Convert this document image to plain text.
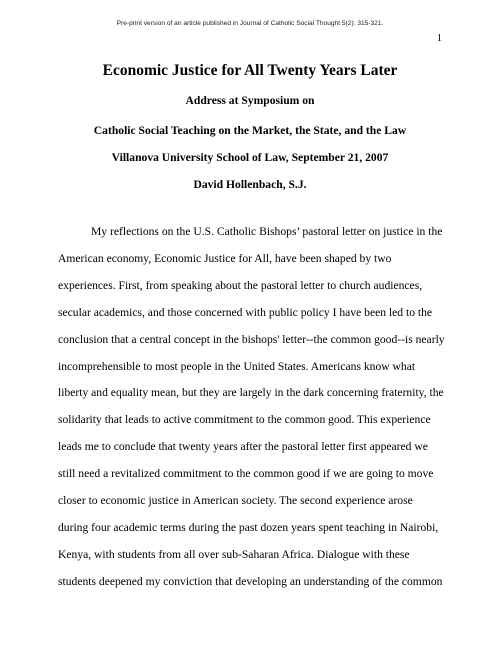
Pre-print version of an article published in Journal of Catholic Social Thought 5(2): 315-321.
1
Economic Justice for All Twenty Years Later
Address at Symposium on
Catholic Social Teaching on the Market, the State, and the Law
Villanova University School of Law, September 21, 2007
David Hollenbach, S.J.
My reflections on the U.S. Catholic Bishops’ pastoral letter on justice in the
American economy, Economic Justice for All, have been shaped by two
experiences. First, from speaking about the pastoral letter to church audiences,
secular academics, and those concerned with public policy I have been led to the
conclusion that a central concept in the bishops' letter--the common good--is nearly
incomprehensible to most people in the United States. Americans know what
liberty and equality mean, but they are largely in the dark concerning fraternity, the
solidarity that leads to active commitment to the common good. This experience
leads me to conclude that twenty years after the pastoral letter first appeared we
still need a revitalized commitment to the common good if we are going to move
closer to economic justice in American society. The second experience arose
during four academic terms during the past dozen years spent teaching in Nairobi,
Kenya, with students from all over sub-Saharan Africa. Dialogue with these
students deepened my conviction that developing an understanding of the common
